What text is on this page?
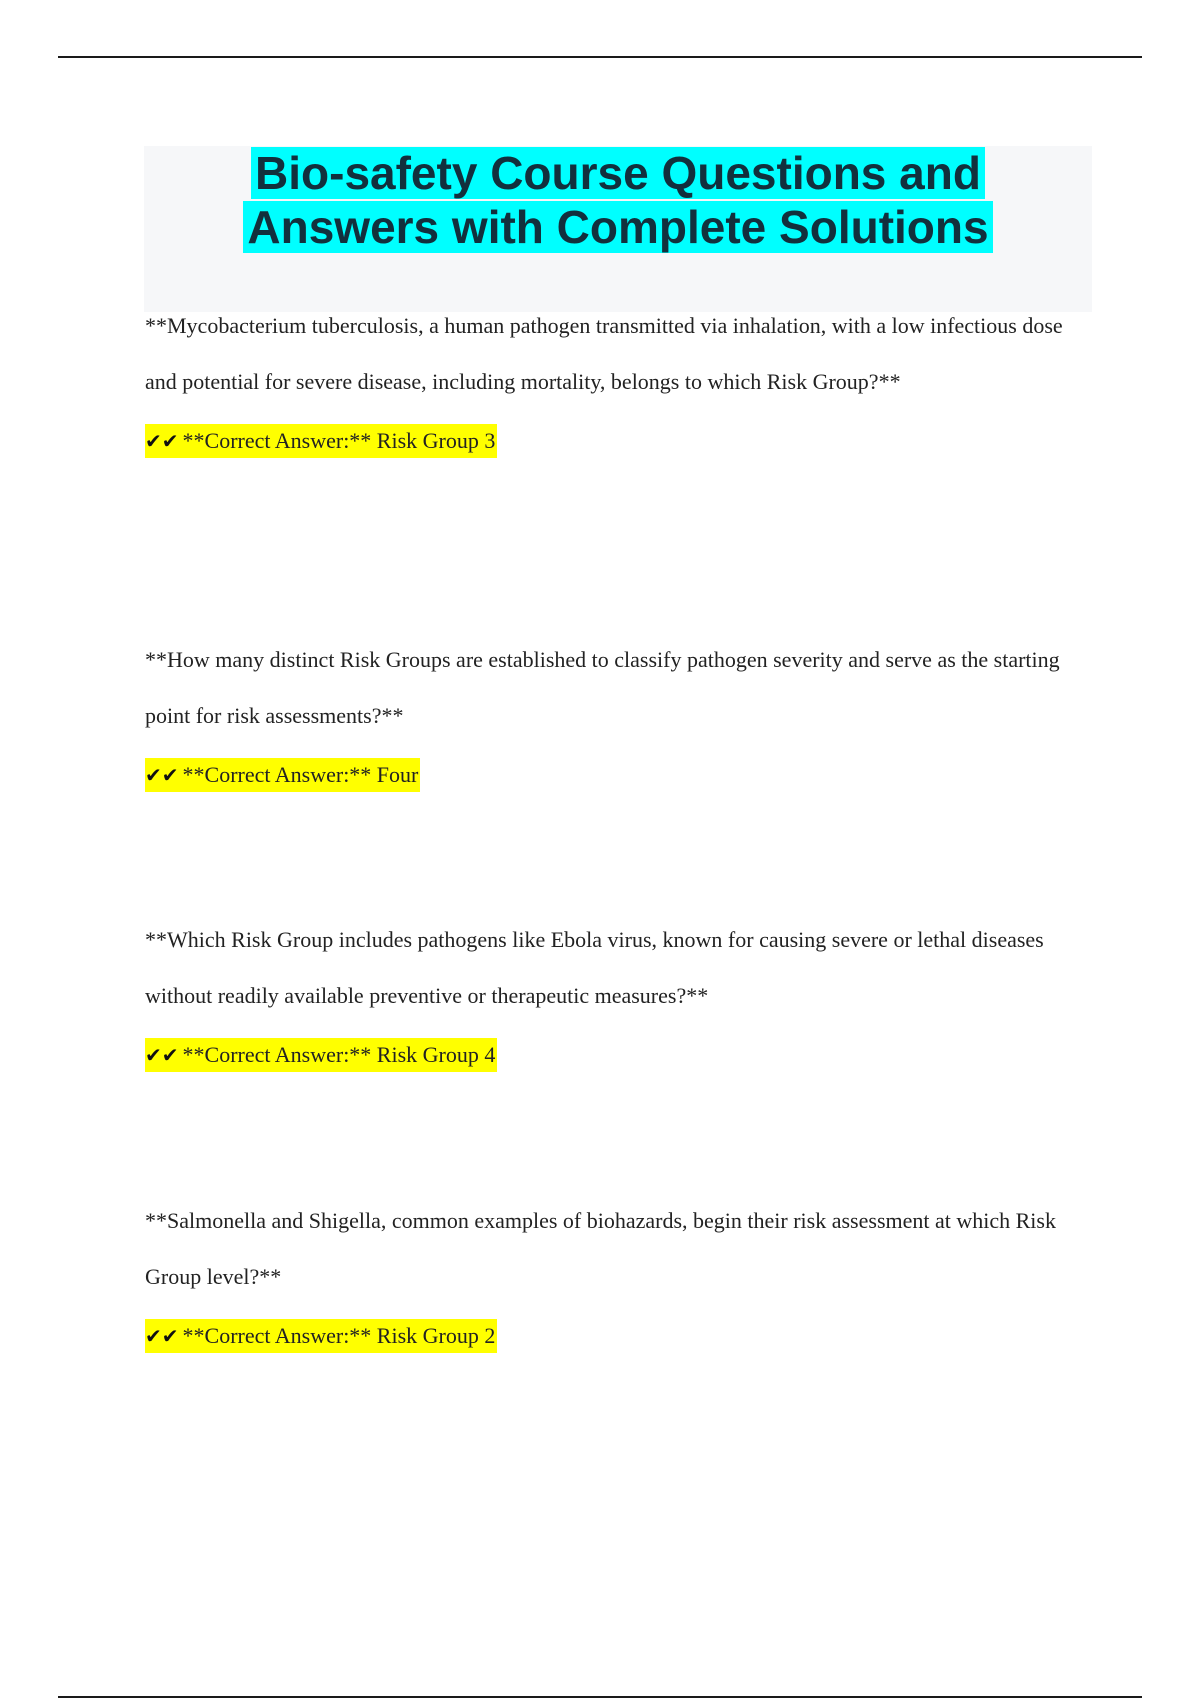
Bio-safety Course Questions and Answers with Complete Solutions

**Mycobacterium tuberculosis, a human pathogen transmitted via inhalation, with a low infectious dose and potential for severe disease, including mortality, belongs to which Risk Group?**

✔✔ **Correct Answer:** Risk Group 3

**How many distinct Risk Groups are established to classify pathogen severity and serve as the starting point for risk assessments?**

✔✔ **Correct Answer:** Four

**Which Risk Group includes pathogens like Ebola virus, known for causing severe or lethal diseases without readily available preventive or therapeutic measures?**

✔✔ **Correct Answer:** Risk Group 4

**Salmonella and Shigella, common examples of biohazards, begin their risk assessment at which Risk Group level?**

✔✔ **Correct Answer:** Risk Group 2
